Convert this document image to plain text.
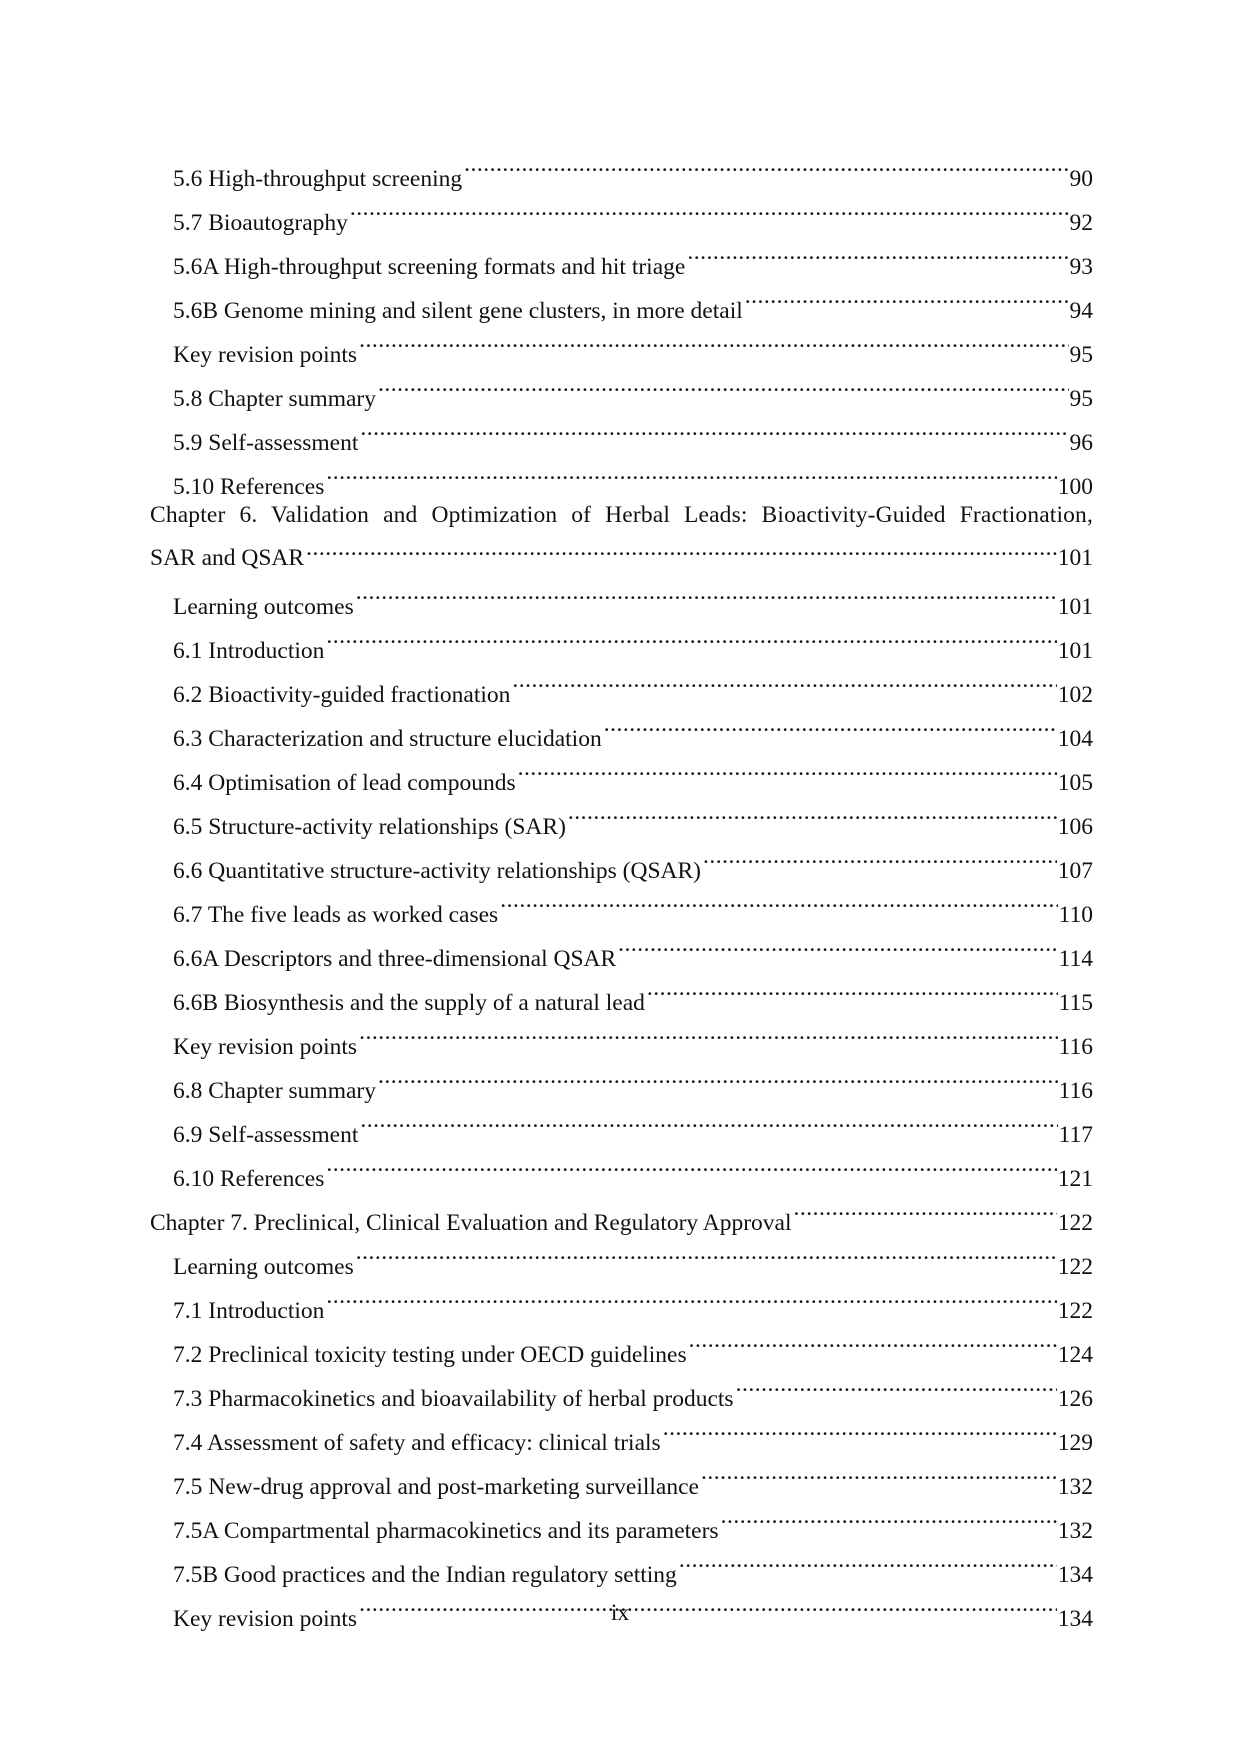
5.6 High-throughput screening .....	90
5.7 Bioautography .....	92
5.6A High-throughput screening formats and hit triage .....	93
5.6B Genome mining and silent gene clusters, in more detail .....	94
Key revision points .....	95
5.8 Chapter summary .....	95
5.9 Self-assessment .....	96
5.10 References .....	100
Chapter 6. Validation and Optimization of Herbal Leads: Bioactivity-Guided Fractionation,
SAR and QSAR .....	101
Learning outcomes .....	101
6.1 Introduction .....	101
6.2 Bioactivity-guided fractionation .....	102
6.3 Characterization and structure elucidation .....	104
6.4 Optimisation of lead compounds .....	105
6.5 Structure-activity relationships (SAR) .....	106
6.6 Quantitative structure-activity relationships (QSAR) .....	107
6.7 The five leads as worked cases .....	110
6.6A Descriptors and three-dimensional QSAR .....	114
6.6B Biosynthesis and the supply of a natural lead .....	115
Key revision points .....	116
6.8 Chapter summary .....	116
6.9 Self-assessment .....	117
6.10 References .....	121
Chapter 7. Preclinical, Clinical Evaluation and Regulatory Approval .....	122
Learning outcomes .....	122
7.1 Introduction .....	122
7.2 Preclinical toxicity testing under OECD guidelines .....	124
7.3 Pharmacokinetics and bioavailability of herbal products .....	126
7.4 Assessment of safety and efficacy: clinical trials .....	129
7.5 New-drug approval and post-marketing surveillance .....	132
7.5A Compartmental pharmacokinetics and its parameters .....	132
7.5B Good practices and the Indian regulatory setting .....	134
Key revision points .....	134
ix
